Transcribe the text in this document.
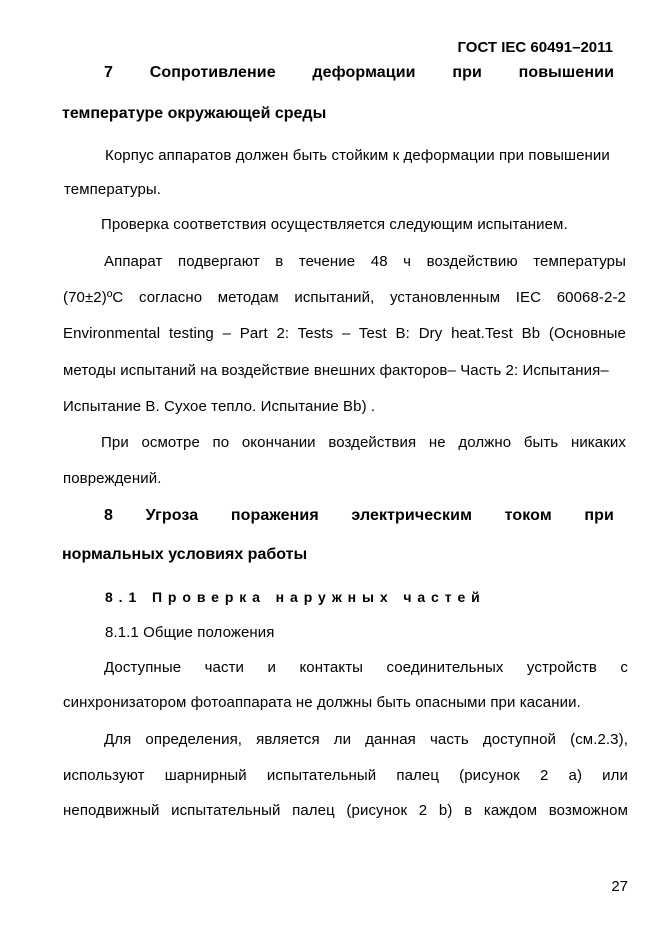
ГОСТ IEC 60491–2011
7 Сопротивление деформации при повышении
температуре окружающей среды
Корпус аппаратов должен быть стойким к деформации при повышении
температуры.
Проверка соответствия осуществляется следующим испытанием.
Аппарат подвергают в течение 48 ч воздействию температуры
(70±2)ºС согласно методам испытаний, установленным IEC 60068-2-2
Environmental testing – Part 2: Tests – Test B: Dry heat.Test Bb (Основные
методы испытаний на воздействие внешних факторов– Часть 2: Испытания–
Испытание В. Сухое тепло. Испытание Bb) .
При осмотре по окончании воздействия не должно быть никаких
повреждений.
8 Угроза поражения электрическим током при
нормальных условиях работы
8.1 Проверка наружных частей
8.1.1 Общие положения
Доступные части и контакты соединительных устройств с
синхронизатором фотоаппарата не должны быть опасными при касании.
Для определения, является ли данная часть доступной (см.2.3),
используют шарнирный испытательный палец (рисунок 2 а) или
неподвижный испытательный палец (рисунок 2 b) в каждом возможном
27
